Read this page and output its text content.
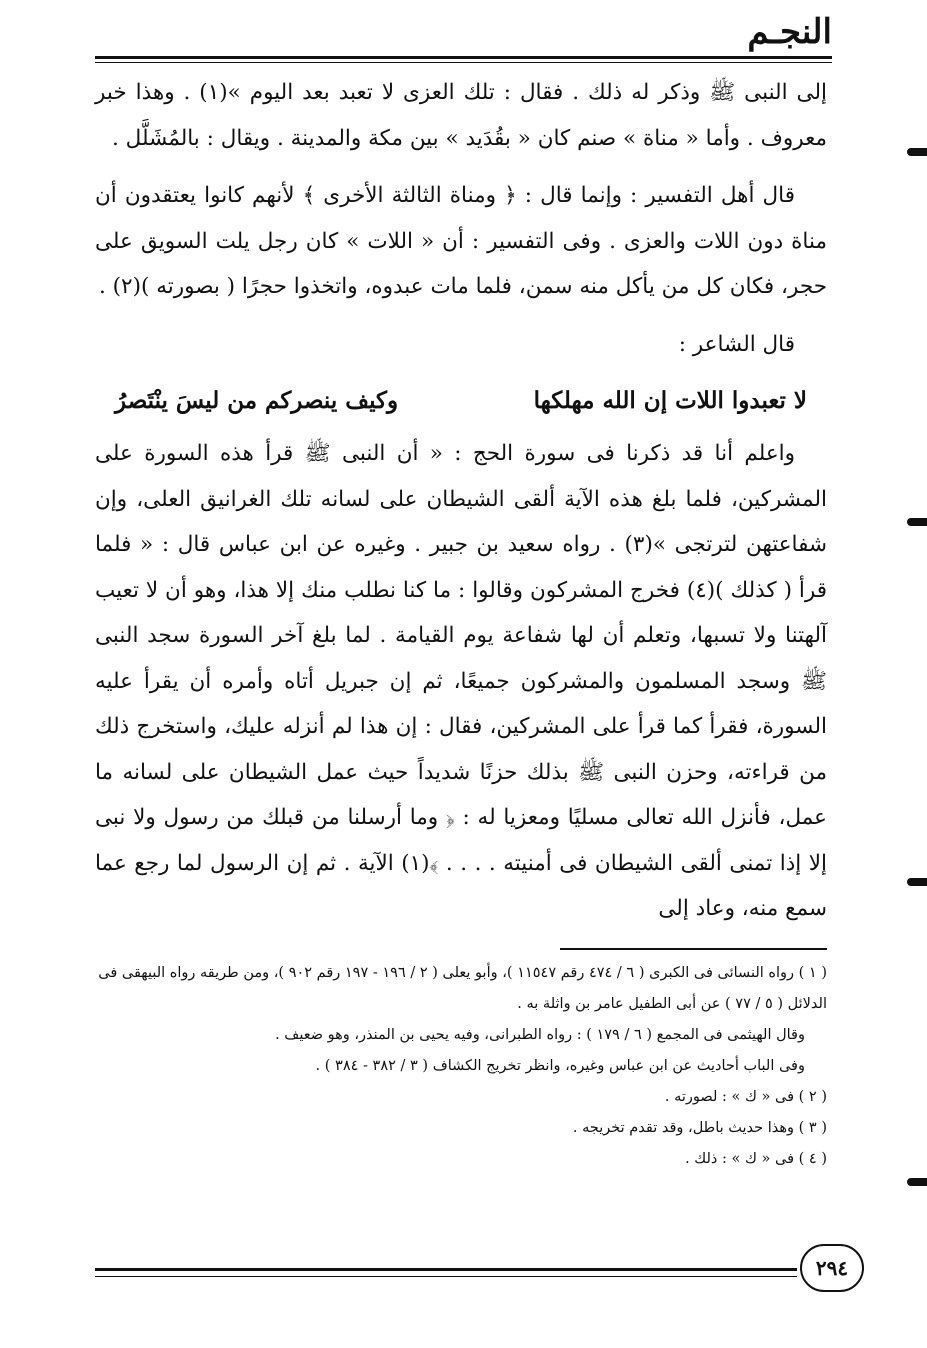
النجـم

إلى النبى ﷺ وذكر له ذلك . فقال : تلك العزى لا تعبد بعد اليوم »(١) . وهذا خبر معروف . وأما « مناة » صنم كان « بقُدَيد » بين مكة والمدينة . ويقال : بالمُشَلَّل .

قال أهل التفسير : وإنما قال : ﴿ ومناة الثالثة الأخرى ﴾ لأنهم كانوا يعتقدون أن مناة دون اللات والعزى . وفى التفسير : أن « اللات » كان رجل يلت السويق على حجر، فكان كل من يأكل منه سمن، فلما مات عبدوه، واتخذوا حجرًا ( بصورته )(٢) .

قال الشاعر :

لا تعبدوا اللات إن الله مهلكها
وكيف ينصركم من ليسَ ينْتَصرُ

واعلم أنا قد ذكرنا فى سورة الحج : « أن النبى ﷺ قرأ هذه السورة على المشركين، فلما بلغ هذه الآية ألقى الشيطان على لسانه تلك الغرانيق العلى، وإن شفاعتهن لترتجى »(٣) . رواه سعيد بن جبير . وغيره عن ابن عباس قال : « فلما قرأ ( كذلك )(٤) فخرج المشركون وقالوا : ما كنا نطلب منك إلا هذا، وهو أن لا تعيب آلهتنا ولا تسبها، وتعلم أن لها شفاعة يوم القيامة . لما بلغ آخر السورة سجد النبى ﷺ وسجد المسلمون والمشركون جميعًا، ثم إن جبريل أتاه وأمره أن يقرأ عليه السورة، فقرأ كما قرأ على المشركين، فقال : إن هذا لم أنزله عليك، واستخرج ذلك من قراءته، وحزن النبى ﷺ بذلك حزنًا شديداً حيث عمل الشيطان على لسانه ما عمل، فأنزل الله تعالى مسليًا ومعزيا له : ﴿ وما أرسلنا من قبلك من رسول ولا نبى إلا إذا تمنى ألقى الشيطان فى أمنيته . . . . ﴾(١) الآية . ثم إن الرسول لما رجع عما سمع منه، وعاد إلى

( ١ ) رواه النسائى فى الكبرى ( ٦ / ٤٧٤ رقم ١١٥٤٧ )، وأبو يعلى ( ٢ / ١٩٦ - ١٩٧ رقم ٩٠٢ )، ومن طريقه رواه البيهقى فى الدلائل ( ٥ / ٧٧ ) عن أبى الطفيل عامر بن واثلة به .

وقال الهيثمى فى المجمع ( ٦ / ١٧٩ ) : رواه الطبرانى، وفيه يحيى بن المنذر، وهو ضعيف .

وفى الباب أحاديث عن ابن عباس وغيره، وانظر تخريج الكشاف ( ٣ / ٣٨٢ - ٣٨٤ ) .

( ٢ ) فى « ك » : لصورته .

( ٣ ) وهذا حديث باطل، وقد تقدم تخريجه .

( ٤ ) فى « ك » : ذلك .

٢٩٤
